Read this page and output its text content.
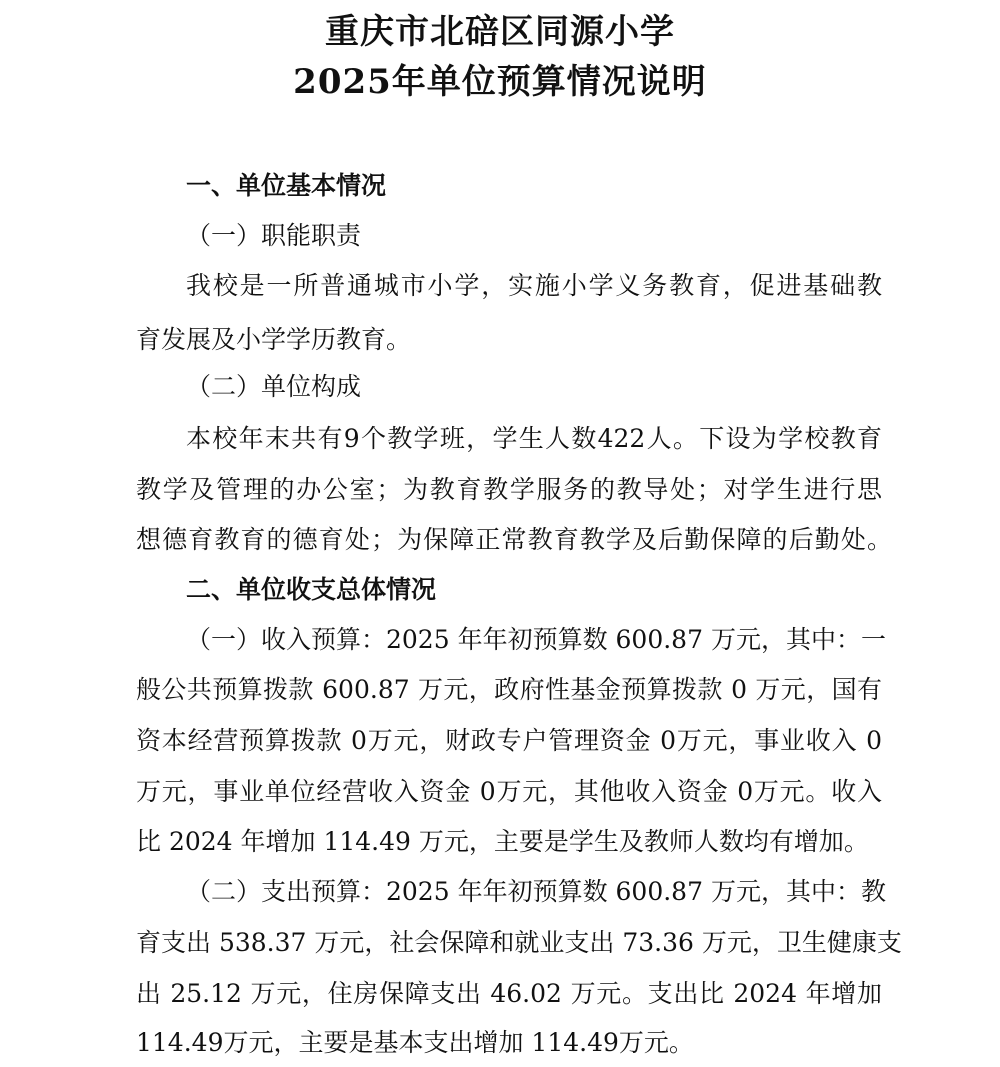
重庆市北碚区同源小学
2025年单位预算情况说明
一、单位基本情况
（一）职能职责
我校是一所普通城市小学，实施小学义务教育，促进基础教
育发展及小学学历教育。
（二）单位构成
本校年末共有9个教学班，学生人数422人。下设为学校教育
教学及管理的办公室；为教育教学服务的教导处；对学生进行思
想德育教育的德育处；为保障正常教育教学及后勤保障的后勤处。
二、单位收支总体情况
（一）收入预算：2025 年年初预算数 600.87 万元，其中：一
般公共预算拨款 600.87 万元，政府性基金预算拨款 0 万元，国有
资本经营预算拨款 0万元，财政专户管理资金 0万元，事业收入 0
万元，事业单位经营收入资金 0万元，其他收入资金 0万元。收入
比 2024 年增加 114.49 万元，主要是学生及教师人数均有增加。
（二）支出预算：2025 年年初预算数 600.87 万元，其中：教
育支出 538.37 万元，社会保障和就业支出 73.36 万元，卫生健康支
出 25.12 万元，住房保障支出 46.02 万元。支出比 2024 年增加
114.49万元，主要是基本支出增加 114.49万元。
